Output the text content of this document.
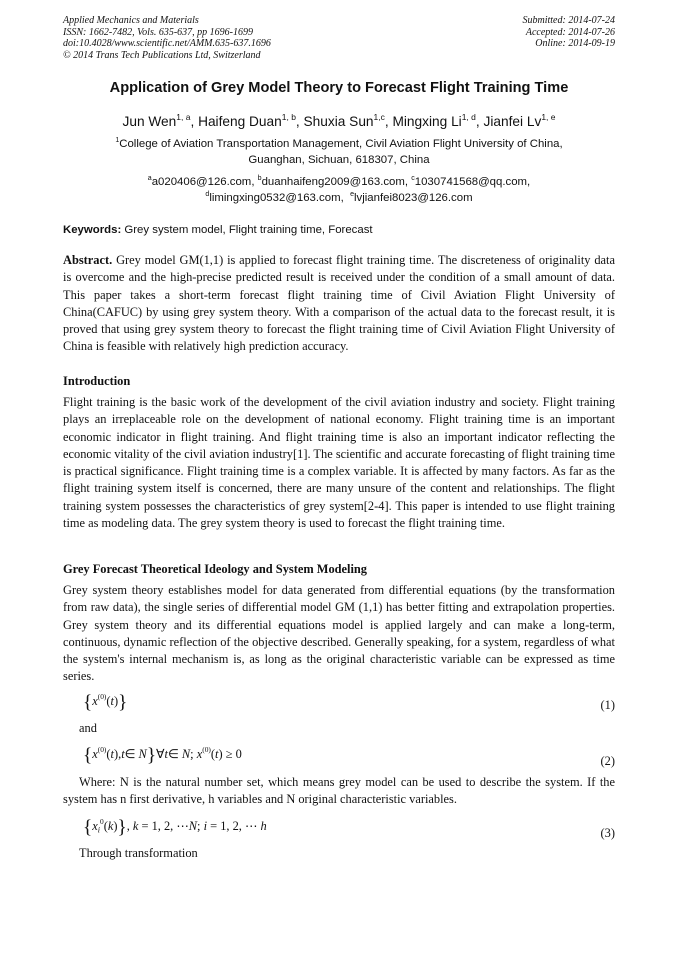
Applied Mechanics and Materials
ISSN: 1662-7482, Vols. 635-637, pp 1696-1699
doi:10.4028/www.scientific.net/AMM.635-637.1696
© 2014 Trans Tech Publications Ltd, Switzerland
Submitted: 2014-07-24
Accepted: 2014-07-26
Online: 2014-09-19
Application of Grey Model Theory to Forecast Flight Training Time
Jun Wen$^{1, a}$, Haifeng Duan$^{1, b}$, Shuxia Sun$^{1,c}$, Mingxing Li$^{1, d}$, Jianfei Lv$^{1, e}$
$^1$College of Aviation Transportation Management, Civil Aviation Flight University of China,
Guanghan, Sichuan, 618307, China
$^a$a020406@126.com, $^b$duanhaifeng2009@163.com, $^c$1030741568@qq.com,
$^d$limingxing0532@163.com,  $^e$lvjianfei8023@126.com
Keywords: Grey system model, Flight training time, Forecast
Abstract. Grey model GM(1,1) is applied to forecast flight training time. The discreteness of originality data is overcome and the high-precise predicted result is received under the condition of a small amount of data. This paper takes a short-term forecast flight training time of Civil Aviation Flight University of China(CAFUC) by using grey system theory. With a comparison of the actual data to the forecast result, it is proved that using grey system theory to forecast the flight training time of Civil Aviation Flight University of China is feasible with relatively high prediction accuracy.
Introduction
Flight training is the basic work of the development of the civil aviation industry and society. Flight training plays an irreplaceable role on the development of national economy. Flight training time is an important economic indicator in flight training. And flight training time is also an important indicator reflecting the economic vitality of the civil aviation industry[1]. The scientific and accurate forecasting of flight training time is practical significance. Flight training time is a complex variable. It is affected by many factors. As far as the flight training system itself is concerned, there are many unsure of the content and relationships. The flight training system possesses the characteristics of grey system[2-4]. This paper is intended to use flight training time as modeling data. The grey system theory is used to forecast the flight training time.
Grey Forecast Theoretical Ideology and System Modeling
Grey system theory establishes model for data generated from differential equations (by the transformation from raw data), the single series of differential model GM (1,1) has better fitting and extrapolation properties. Grey system theory and its differential equations model is applied largely and can make a long-term, continuous, dynamic reflection of the objective described. Generally speaking, for a system, regardless of what the system's internal mechanism is, as long as the original characteristic variable can be expressed as time series.
$\{x^{(0)}(t)\}$	(1)
and
{$x^{(0)}(t),t\in$ N}∀t∈ N; $x^{(0)}(t) \ge 0$	(2)
Where: N is the natural number set, which means grey model can be used to describe the system. If the system has n first derivative, h variables and N original characteristic variables.
$\{x_i^0(k)\}$, k = 1, 2, ⋯N; i = 1, 2, ⋯ h	(3)
Through transformation
